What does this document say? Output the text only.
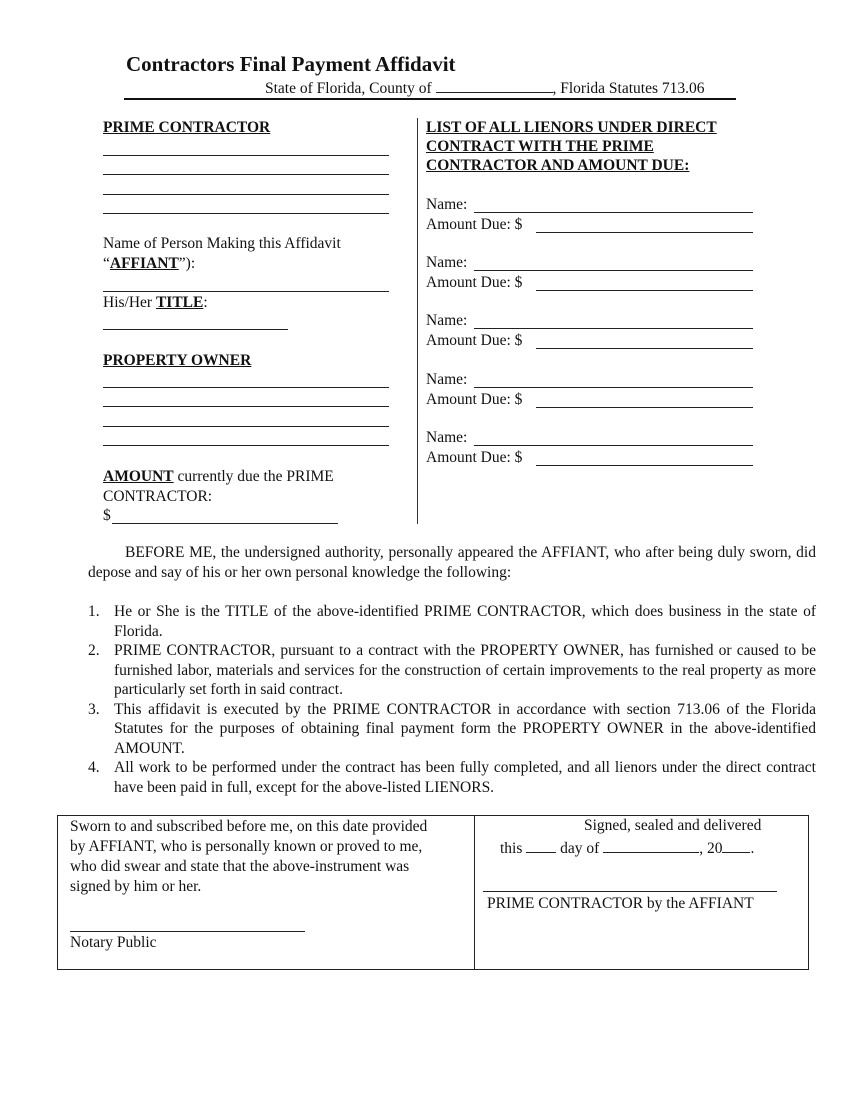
Contractors Final Payment Affidavit
State of Florida, County of	, Florida Statutes 713.06
PRIME CONTRACTOR
Name of Person Making this Affidavit
“AFFIANT”):
His/Her TITLE:
PROPERTY OWNER
AMOUNT currently due the PRIME
CONTRACTOR:
$
LIST OF ALL LIENORS UNDER DIRECT
CONTRACT WITH THE PRIME
CONTRACTOR AND AMOUNT DUE:
Name:
Amount Due: $
Name:
Amount Due: $
Name:
Amount Due: $
Name:
Amount Due: $
Name:
Amount Due: $

BEFORE ME, the undersigned authority, personally appeared the AFFIANT, who after being duly sworn, did depose and say of his or her own personal knowledge the following:

1. He or She is the TITLE of the above-identified PRIME CONTRACTOR, which does business in the state of Florida.
2. PRIME CONTRACTOR, pursuant to a contract with the PROPERTY OWNER, has furnished or caused to be furnished labor, materials and services for the construction of certain improvements to the real property as more particularly set forth in said contract.
3. This affidavit is executed by the PRIME CONTRACTOR in accordance with section 713.06 of the Florida Statutes for the purposes of obtaining final payment form the PROPERTY OWNER in the above-identified AMOUNT.
4. All work to be performed under the contract has been fully completed, and all lienors under the direct contract have been paid in full, except for the above-listed LIENORS.
Sworn to and subscribed before me, on this date provided by AFFIANT, who is personally known or proved to me, who did swear and state that the above-instrument was signed by him or her.
Notary Public
Signed, sealed and delivered
this day of	, 20 .
PRIME CONTRACTOR by the AFFIANT
